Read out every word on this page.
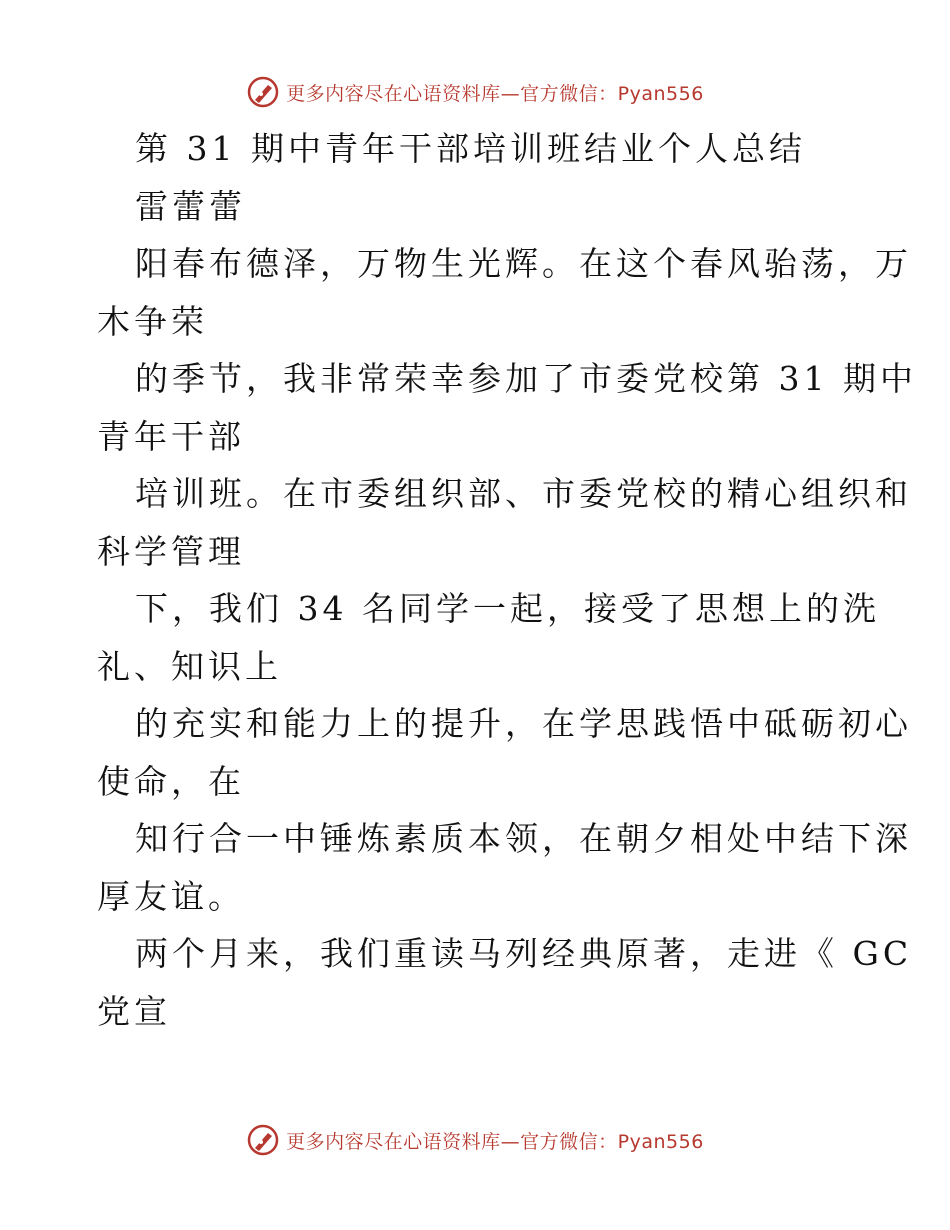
更多内容尽在心语资料库—官方微信：Pyan556
第 31 期中青年干部培训班结业个人总结
雷蕾蕾
阳春布德泽，万物生光辉。在这个春风骀荡，万
木争荣
的季节，我非常荣幸参加了市委党校第 31 期中
青年干部
培训班。在市委组织部、市委党校的精心组织和
科学管理
下，我们 34 名同学一起，接受了思想上的洗
礼、知识上
的充实和能力上的提升，在学思践悟中砥砺初心
使命，在
知行合一中锤炼素质本领，在朝夕相处中结下深
厚友谊。
两个月来，我们重读马列经典原著，走进《 GC
党宣
更多内容尽在心语资料库—官方微信：Pyan556
